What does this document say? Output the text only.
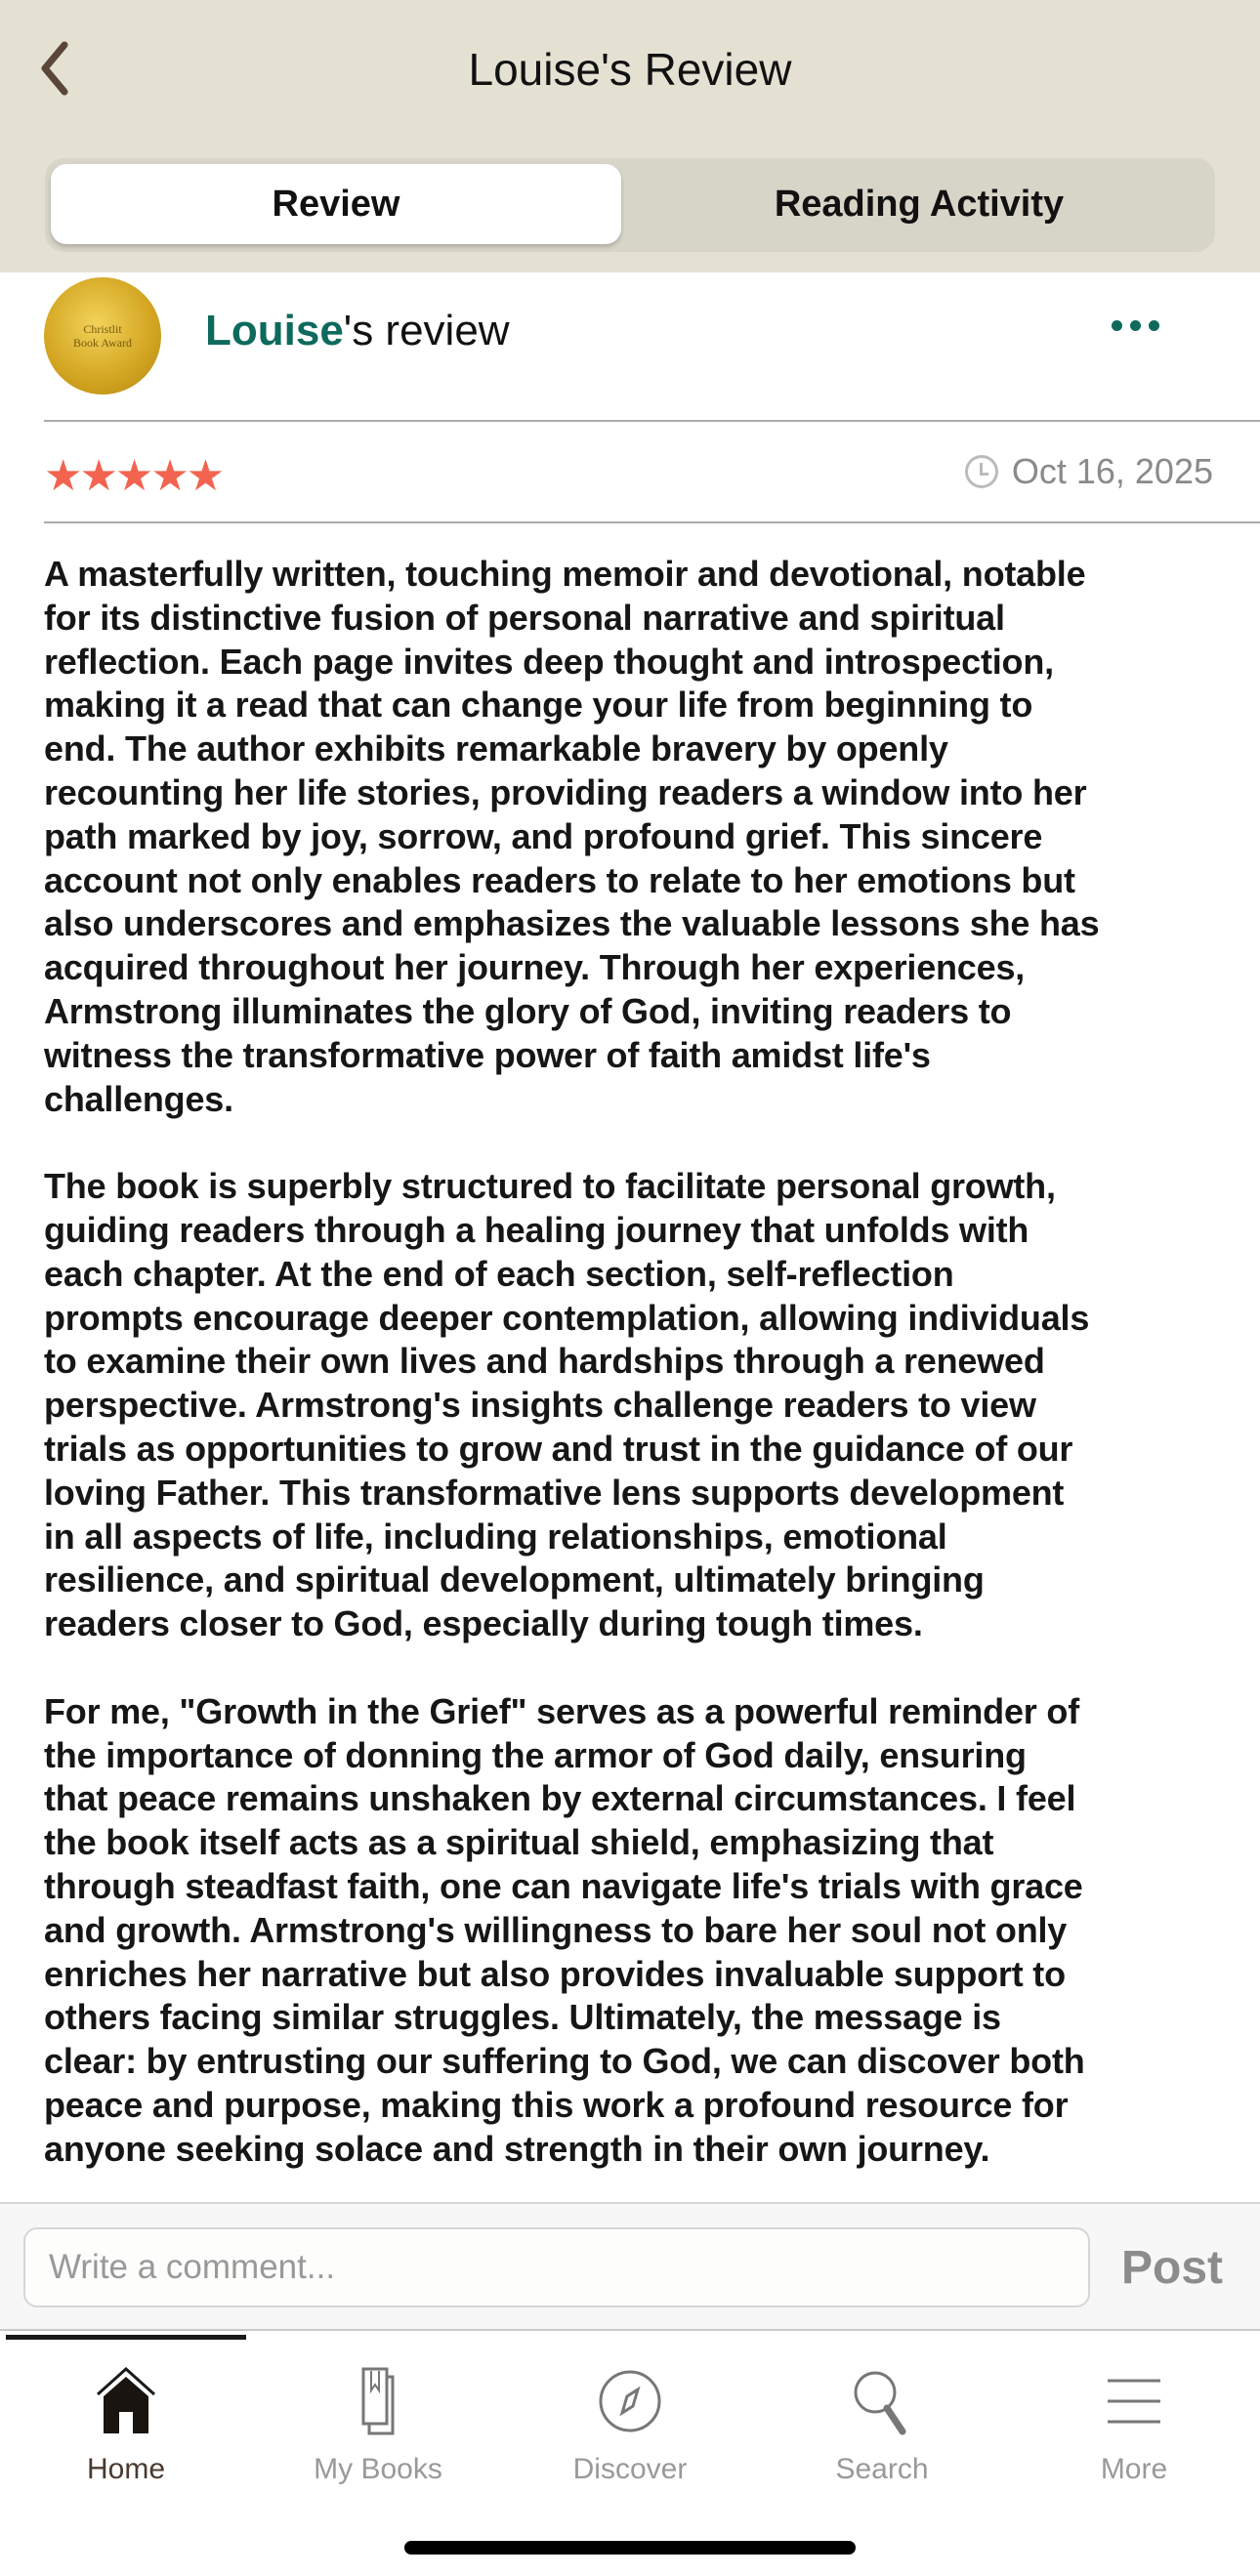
Louise's Review
Review	Reading Activity
Christlit
Book Award Louise's review
★★★★★	Oct 16, 2025
A masterfully written, touching memoir and devotional, notable
for its distinctive fusion of personal narrative and spiritual
reflection. Each page invites deep thought and introspection,
making it a read that can change your life from beginning to
end. The author exhibits remarkable bravery by openly
recounting her life stories, providing readers a window into her
path marked by joy, sorrow, and profound grief. This sincere
account not only enables readers to relate to her emotions but
also underscores and emphasizes the valuable lessons she has
acquired throughout her journey. Through her experiences,
Armstrong illuminates the glory of God, inviting readers to
witness the transformative power of faith amidst life's
challenges.
The book is superbly structured to facilitate personal growth,
guiding readers through a healing journey that unfolds with
each chapter. At the end of each section, self-reflection
prompts encourage deeper contemplation, allowing individuals
to examine their own lives and hardships through a renewed
perspective. Armstrong's insights challenge readers to view
trials as opportunities to grow and trust in the guidance of our
loving Father. This transformative lens supports development
in all aspects of life, including relationships, emotional
resilience, and spiritual development, ultimately bringing
readers closer to God, especially during tough times.
For me, "Growth in the Grief" serves as a powerful reminder of
the importance of donning the armor of God daily, ensuring
that peace remains unshaken by external circumstances. I feel
the book itself acts as a spiritual shield, emphasizing that
through steadfast faith, one can navigate life's trials with grace
and growth. Armstrong's willingness to bare her soul not only
enriches her narrative but also provides invaluable support to
others facing similar struggles. Ultimately, the message is
clear: by entrusting our suffering to God, we can discover both
peace and purpose, making this work a profound resource for
anyone seeking solace and strength in their own journey.
Write a comment...	Post
Home	My Books	Discover	Search	More
